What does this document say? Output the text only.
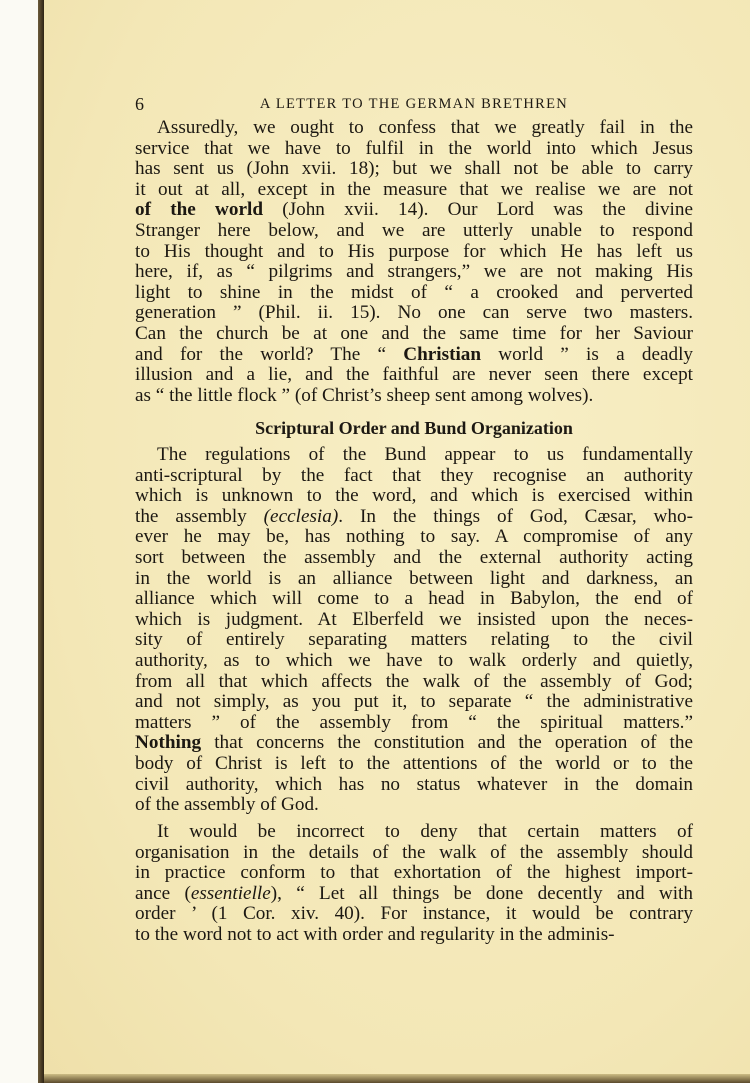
6	A LETTER TO THE GERMAN BRETHREN
Assuredly, we ought to confess that we greatly fail in the
service that we have to fulfil in the world into which Jesus
has sent us (John xvii. 18); but we shall not be able to carry
it out at all, except in the measure that we realise we are not
of the world (John xvii. 14). Our Lord was the divine
Stranger here below, and we are utterly unable to respond
to His thought and to His purpose for which He has left us
here, if, as “ pilgrims and strangers,” we are not making His
light to shine in the midst of “ a crooked and perverted
generation ” (Phil. ii. 15). No one can serve two masters.
Can the church be at one and the same time for her Saviour
and for the world? The “ Christian world ” is a deadly
illusion and a lie, and the faithful are never seen there except
as “ the little flock ” (of Christ’s sheep sent among wolves).
Scriptural Order and Bund Organization
The regulations of the Bund appear to us fundamentally
anti-scriptural by the fact that they recognise an authority
which is unknown to the word, and which is exercised within
the assembly (ecclesia). In the things of God, Cæsar, who-
ever he may be, has nothing to say. A compromise of any
sort between the assembly and the external authority acting
in the world is an alliance between light and darkness, an
alliance which will come to a head in Babylon, the end of
which is judgment. At Elberfeld we insisted upon the neces-
sity of entirely separating matters relating to the civil
authority, as to which we have to walk orderly and quietly,
from all that which affects the walk of the assembly of God;
and not simply, as you put it, to separate “ the administrative
matters ” of the assembly from “ the spiritual matters.”
Nothing that concerns the constitution and the operation of the
body of Christ is left to the attentions of the world or to the
civil authority, which has no status whatever in the domain
of the assembly of God.
It would be incorrect to deny that certain matters of
organisation in the details of the walk of the assembly should
in practice conform to that exhortation of the highest import-
ance (essentielle), “ Let all things be done decently and with
order ’ (1 Cor. xiv. 40). For instance, it would be contrary
to the word not to act with order and regularity in the adminis-
